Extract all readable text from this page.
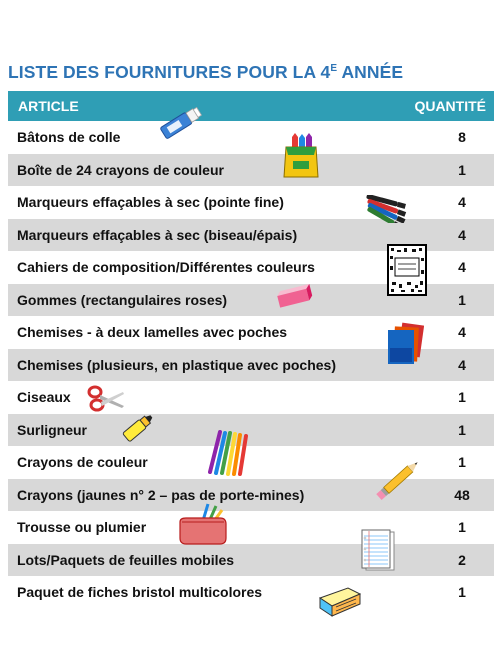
LISTE DES FOURNITURES POUR LA $4^E$ ANNÉE
ARTICLE	QUANTITÉ
Bâtons de colle	8
Boîte de 24 crayons de couleur	1
Marqueurs effaçables à sec (pointe fine)	4
Marqueurs effaçables à sec (biseau/épais)	4
Cahiers de composition/Différentes couleurs	4
Gommes (rectangulaires roses)	1
Chemises - à deux lamelles avec poches	4
Chemises (plusieurs, en plastique avec poches)	4
Ciseaux	1
Surligneur	1
Crayons de couleur	1
Crayons (jaunes n° 2 – pas de porte-mines)	48
Trousse ou plumier	1
Lots/Paquets de feuilles mobiles	2
Paquet de fiches bristol multicolores	1
